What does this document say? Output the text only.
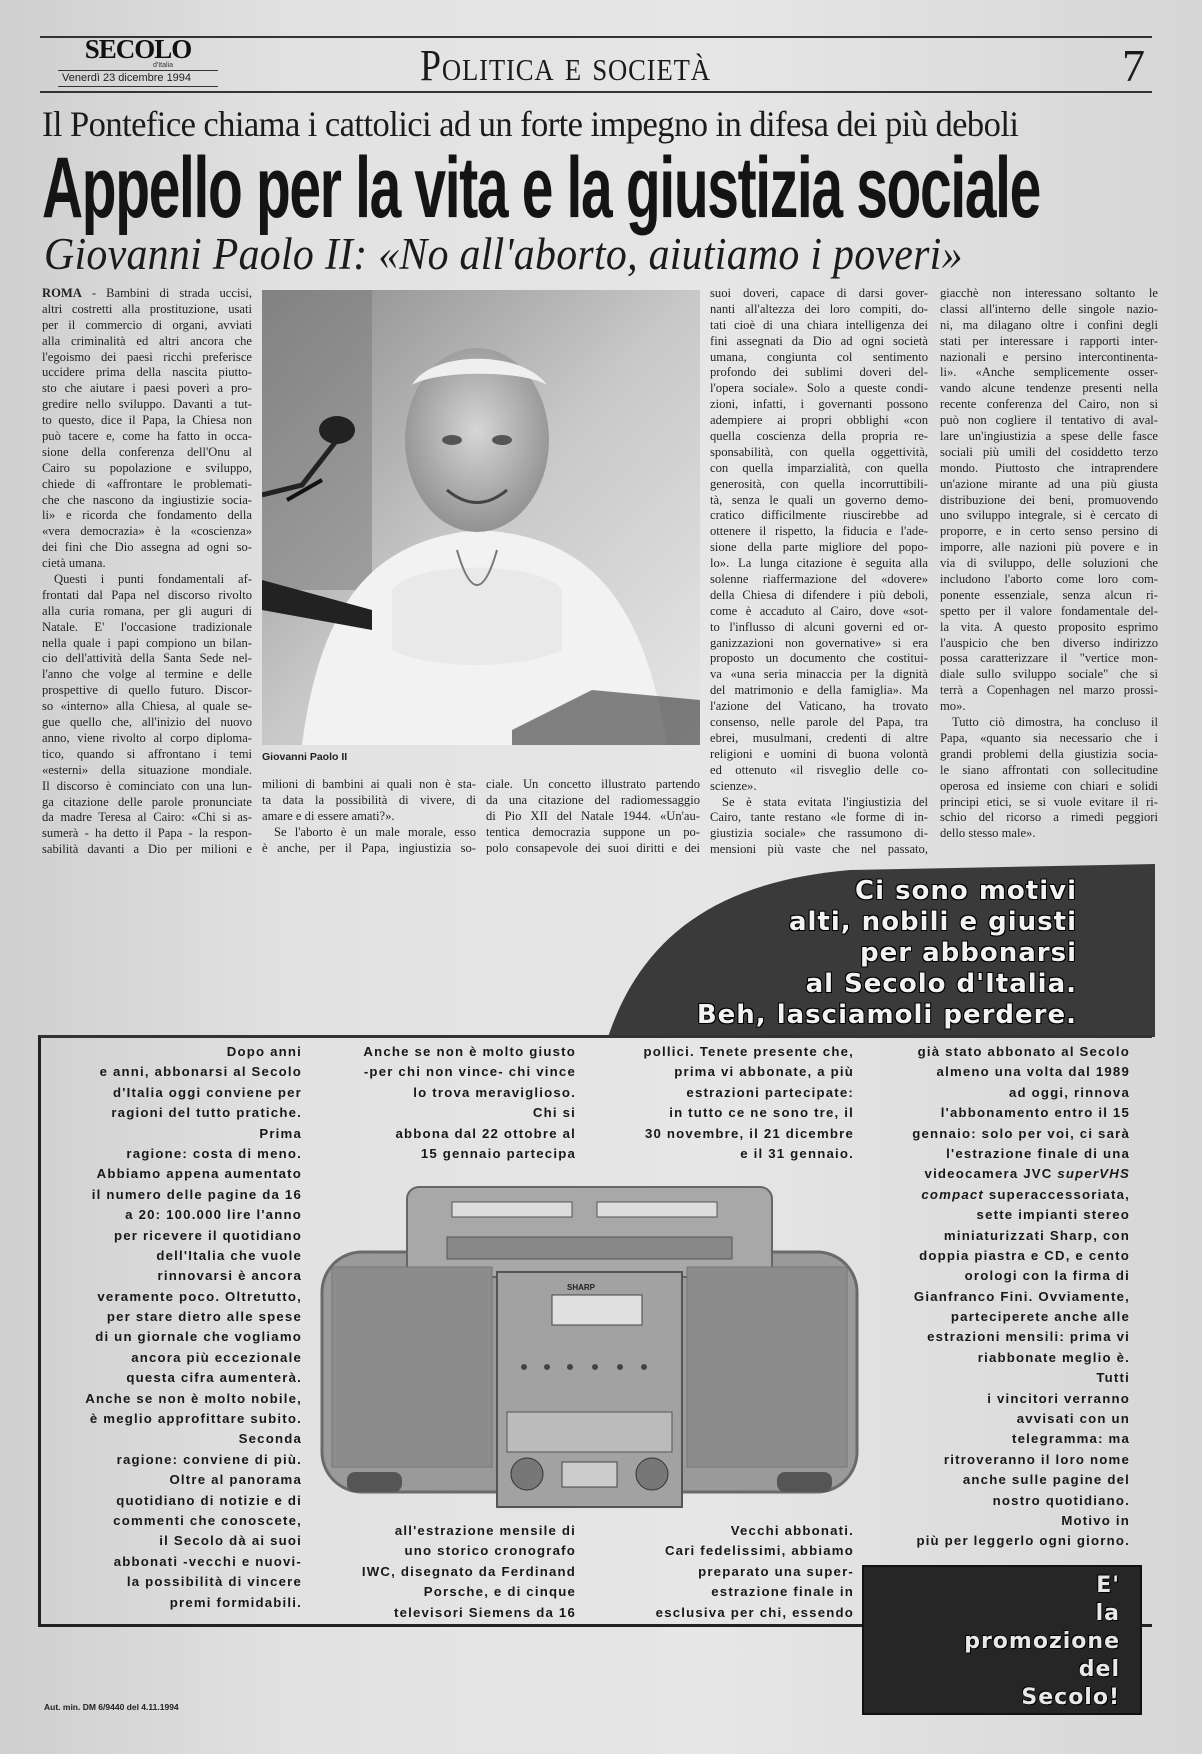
SECOLO
d'Italia
Venerdì 23 dicembre 1994	Politica e società	7
Il Pontefice chiama i cattolici ad un forte impegno in difesa dei più deboli
Appello per la vita e la giustizia sociale
Giovanni Paolo II: «No all'aborto, aiutiamo i poveri»
ROMA - Bambini di strada uccisi,
altri costretti alla prostituzione, usati
per il commercio di organi, avviati
alla criminalità ed altri ancora che
l'egoismo dei paesi ricchi preferisce
uccidere prima della nascita piutto-
sto che aiutare i paesi poveri a pro-
gredire nello sviluppo. Davanti a tut-
to questo, dice il Papa, la Chiesa non
può tacere e, come ha fatto in occa-
sione della conferenza dell'Onu al
Cairo su popolazione e sviluppo,
chiede di «affrontare le problemati-
che che nascono da ingiustizie socia-
li» e ricorda che fondamento della
«vera democrazia» è la «coscienza»
dei fini che Dio assegna ad ogni so-
cietà umana.
Questi i punti fondamentali af-
frontati dal Papa nel discorso rivolto
alla curia romana, per gli auguri di
Natale. E' l'occasione tradizionale
nella quale i papi compiono un bilan-
cio dell'attività della Santa Sede nel-
l'anno che volge al termine e delle
prospettive di quello futuro. Discor-
so «interno» alla Chiesa, al quale se-
gue quello che, all'inizio del nuovo
anno, viene rivolto al corpo diploma-
tico, quando si affrontano i temi
«esterni» della situazione mondiale.
Il discorso è cominciato con una lun-
ga citazione delle parole pronunciate
da madre Teresa al Cairo: «Chi si as-
sumerà - ha detto il Papa - la respon-
sabilità davanti a Dio per milioni e
milioni di bambini ai quali non è sta-
ta data la possibilità di vivere, di
amare e di essere amati?».
Se l'aborto è un male morale, esso
è anche, per il Papa, ingiustizia so-
ciale. Un concetto illustrato partendo
da una citazione del radiomessaggio
di Pio XII del Natale 1944. «Un'au-
tentica democrazia suppone un po-
polo consapevole dei suoi diritti e dei
suoi doveri, capace di darsi gover-
nanti all'altezza dei loro compiti, do-
tati cioè di una chiara intelligenza dei
fini assegnati da Dio ad ogni società
umana, congiunta col sentimento
profondo dei sublimi doveri del-
l'opera sociale». Solo a queste condi-
zioni, infatti, i governanti possono
adempiere ai propri obblighi «con
quella coscienza della propria re-
sponsabilità, con quella oggettività,
con quella imparzialità, con quella
generosità, con quella incorruttibili-
tà, senza le quali un governo demo-
cratico difficilmente riuscirebbe ad
ottenere il rispetto, la fiducia e l'ade-
sione della parte migliore del popo-
lo». La lunga citazione è seguita alla
solenne riaffermazione del «dovere»
della Chiesa di difendere i più deboli,
come è accaduto al Cairo, dove «sot-
to l'influsso di alcuni governi ed or-
ganizzazioni non governative» si era
proposto un documento che costitui-
va «una seria minaccia per la dignità
del matrimonio e della famiglia». Ma
l'azione del Vaticano, ha trovato
consenso, nelle parole del Papa, tra
ebrei, musulmani, credenti di altre
religioni e uomini di buona volontà
ed ottenuto «il risveglio delle co-
scienze».
Se è stata evitata l'ingiustizia del
Cairo, tante restano «le forme di in-
giustizia sociale» che rassumono di-
mensioni più vaste che nel passato,
giacchè non interessano soltanto le
classi all'interno delle singole nazio-
ni, ma dilagano oltre i confini degli
stati per interessare i rapporti inter-
nazionali e persino intercontinenta-
li». «Anche semplicemente osser-
vando alcune tendenze presenti nella
recente conferenza del Cairo, non si
può non cogliere il tentativo di aval-
lare un'ingiustizia a spese delle fasce
sociali più umili del cosiddetto terzo
mondo. Piuttosto che intraprendere
un'azione mirante ad una più giusta
distribuzione dei beni, promuovendo
uno sviluppo integrale, si è cercato di
proporre, e in certo senso persino di
imporre, alle nazioni più povere e in
via di sviluppo, delle soluzioni che
includono l'aborto come loro com-
ponente essenziale, senza alcun ri-
spetto per il valore fondamentale del-
la vita. A questo proposito esprimo
l'auspicio che ben diverso indirizzo
possa caratterizzare il "vertice mon-
diale sullo sviluppo sociale" che si
terrà a Copenhagen nel marzo prossi-
mo».
Tutto ciò dimostra, ha concluso il
Papa, «quanto sia necessario che i
grandi problemi della giustizia socia-
le siano affrontati con sollecitudine
operosa ed insieme con chiari e solidi
principi etici, se si vuole evitare il ri-
schio del ricorso a rimedi peggiori
dello stesso male».
Giovanni Paolo II
Ci sono motivi
alti, nobili e giusti
per abbonarsi
al Secolo d'Italia.
Beh, lasciamoli perdere.
Dopo anni
e anni, abbonarsi al Secolo
d'Italia oggi conviene per
ragioni del tutto pratiche.
Prima
ragione: costa di meno.
Abbiamo appena aumentato
il numero delle pagine da 16
a 20: 100.000 lire l'anno
per ricevere il quotidiano
dell'Italia che vuole
rinnovarsi è ancora
veramente poco. Oltretutto,
per stare dietro alle spese
di un giornale che vogliamo
ancora più eccezionale
questa cifra aumenterà.
Anche se non è molto nobile,
è meglio approfittare subito.
Seconda
ragione: conviene di più.
Oltre al panorama
quotidiano di notizie e di
commenti che conoscete,
il Secolo dà ai suoi
abbonati -vecchi e nuovi-
la possibilità di vincere
premi formidabili.
Anche se non è molto giusto
-per chi non vince- chi vince
lo trova meraviglioso.
Chi si
abbona dal 22 ottobre al
15 gennaio partecipa
all'estrazione mensile di
uno storico cronografo
IWC, disegnato da Ferdinand
Porsche, e di cinque
televisori Siemens da 16
pollici. Tenete presente che,
prima vi abbonate, a più
estrazioni partecipate:
in tutto ce ne sono tre, il
30 novembre, il 21 dicembre
e il 31 gennaio.
Vecchi abbonati.
Cari fedelissimi, abbiamo
preparato una super-
estrazione finale in
esclusiva per chi, essendo
già stato abbonato al Secolo
almeno una volta dal 1989
ad oggi, rinnova
l'abbonamento entro il 15
gennaio: solo per voi, ci sarà
l'estrazione finale di una
videocamera JVC superVHS
compact superaccessoriata,
sette impianti stereo
miniaturizzati Sharp, con
doppia piastra e CD, e cento
orologi con la firma di
Gianfranco Fini. Ovviamente,
parteciperete anche alle
estrazioni mensili: prima vi
riabbonate meglio è.
Tutti
i vincitori verranno
avvisati con un
telegramma: ma
ritroveranno il loro nome
anche sulle pagine del
nostro quotidiano.
Motivo in
più per leggerlo ogni giorno.
SHARP
E'
la
promozione
del
Secolo!
Aut. min. DM 6/9440 del 4.11.1994
